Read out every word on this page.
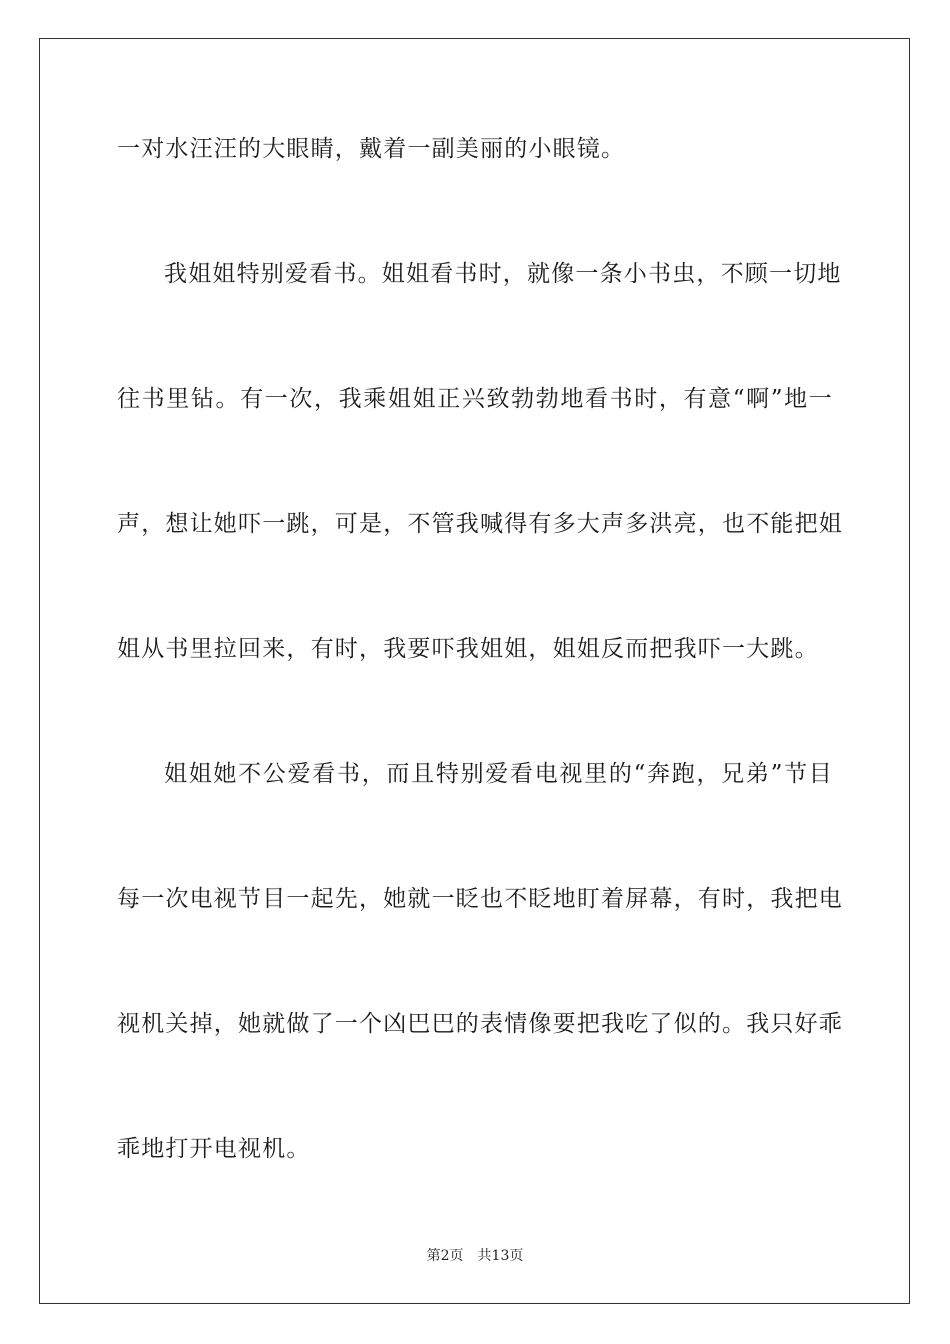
一对水汪汪的大眼睛，戴着一副美丽的小眼镜。
我姐姐特别爱看书。姐姐看书时，就像一条小书虫，不顾一切地
往书里钻。有一次，我乘姐姐正兴致勃勃地看书时，有意“啊”地一
声，想让她吓一跳，可是，不管我喊得有多大声多洪亮，也不能把姐
姐从书里拉回来，有时，我要吓我姐姐，姐姐反而把我吓一大跳。
姐姐她不公爱看书，而且特别爱看电视里的“奔跑，兄弟”节目
每一次电视节目一起先，她就一眨也不眨地盯着屏幕，有时，我把电
视机关掉，她就做了一个凶巴巴的表情像要把我吃了似的。我只好乖
乖地打开电视机。
第2页 共13页
